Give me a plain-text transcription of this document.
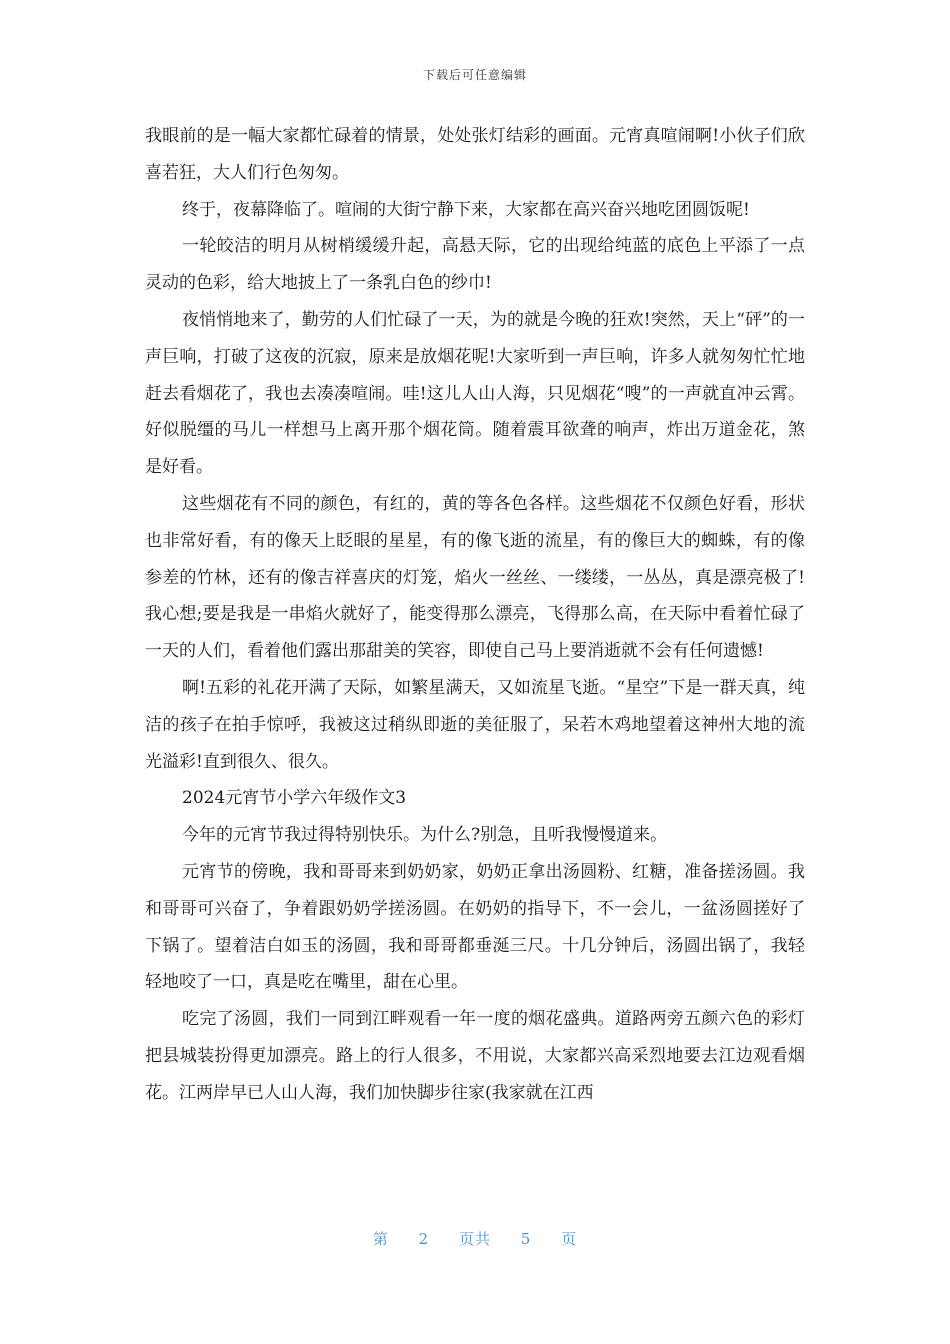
下载后可任意编辑

我眼前的是一幅大家都忙碌着的情景，处处张灯结彩的画面。元宵真喧闹啊!小伙子们欣喜若狂，大人们行色匆匆。

终于，夜幕降临了。喧闹的大街宁静下来，大家都在高兴奋兴地吃团圆饭呢!

一轮皎洁的明月从树梢缓缓升起，高悬天际，它的出现给纯蓝的底色上平添了一点灵动的色彩，给大地披上了一条乳白色的纱巾!

夜悄悄地来了，勤劳的人们忙碌了一天，为的就是今晚的狂欢!突然，天上“砰”的一声巨响，打破了这夜的沉寂，原来是放烟花呢!大家听到一声巨响，许多人就匆匆忙忙地赶去看烟花了，我也去凑凑喧闹。哇!这儿人山人海，只见烟花“嗖”的一声就直冲云霄。好似脱缰的马儿一样想马上离开那个烟花筒。随着震耳欲聋的响声，炸出万道金花，煞是好看。

这些烟花有不同的颜色，有红的，黄的等各色各样。这些烟花不仅颜色好看，形状也非常好看，有的像天上眨眼的星星，有的像飞逝的流星，有的像巨大的蜘蛛，有的像参差的竹林，还有的像吉祥喜庆的灯笼，焰火一丝丝、一缕缕，一丛丛，真是漂亮极了!我心想;要是我是一串焰火就好了，能变得那么漂亮，飞得那么高，在天际中看着忙碌了一天的人们，看着他们露出那甜美的笑容，即使自己马上要消逝就不会有任何遗憾!

啊!五彩的礼花开满了天际，如繁星满天，又如流星飞逝。“星空”下是一群天真，纯洁的孩子在拍手惊呼，我被这过稍纵即逝的美征服了，呆若木鸡地望着这神州大地的流光溢彩!直到很久、很久。

2024元宵节小学六年级作文3

今年的元宵节我过得特别快乐。为什么?别急，且听我慢慢道来。

元宵节的傍晚，我和哥哥来到奶奶家，奶奶正拿出汤圆粉、红糖，准备搓汤圆。我和哥哥可兴奋了，争着跟奶奶学搓汤圆。在奶奶的指导下，不一会儿，一盆汤圆搓好了下锅了。望着洁白如玉的汤圆，我和哥哥都垂涎三尺。十几分钟后，汤圆出锅了，我轻轻地咬了一口，真是吃在嘴里，甜在心里。

吃完了汤圆，我们一同到江畔观看一年一度的烟花盛典。道路两旁五颜六色的彩灯把县城装扮得更加漂亮。路上的行人很多，不用说，大家都兴高采烈地要去江边观看烟花。江两岸早已人山人海，我们加快脚步往家(我家就在江西

第 2 页共 5 页
